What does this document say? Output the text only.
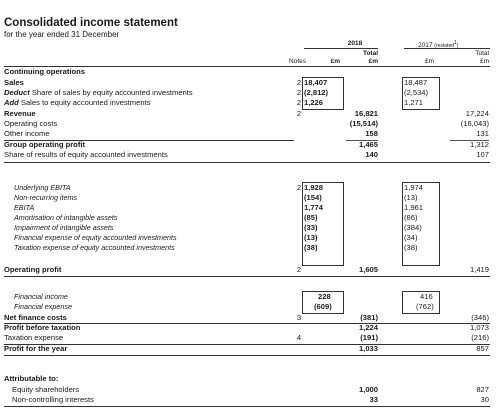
Consolidated income statement
for the year ended 31 December
2018	2017 (restated$^1$)
Total	Total
Notes	£m	£m	£m	£m
Continuing operations
Sales	2 18,407	18,487
Deduct Share of sales by equity accounted investments	2 (2,812)	(2,534)
Add Sales to equity accounted investments	2 1,226	1,271
Revenue	2	16,821	17,224
Operating costs	(15,514)	(16,043)
Other income	158	131
Group operating profit	1,465	1,312
Share of results of equity accounted investments	140	107
Underlying EBITA	2 1,928	1,974
Non-recurring items	(154)	(13)
EBITA	1,774	1,961
Amortisation of intangible assets	(85)	(86)
Impairment of intangible assets	(33)	(384)
Financial expense of equity accounted investments	(13)	(34)
Taxation expense of equity accounted investments	(38)	(38)
Operating profit	2	1,605	1,419
Financial income	228	416
Financial expense	(609)	(762)
Net finance costs	3	(381)	(346)
Profit before taxation	1,224	1,073
Taxation expense	4	(191)	(216)
Profit for the year	1,033	857
Attributable to:
Equity shareholders	1,000	827
Non-controlling interests	33	30
